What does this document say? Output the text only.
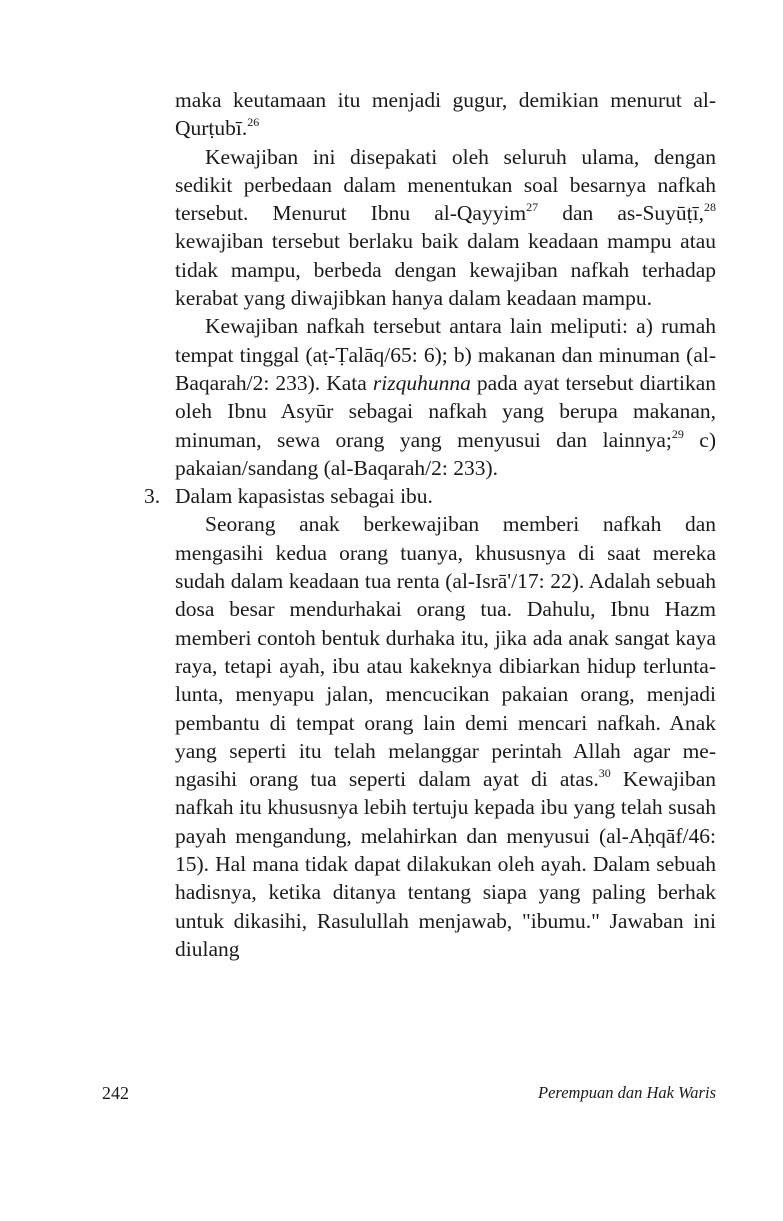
maka keutamaan itu menjadi gugur, demikian menurut al-Qurṭubī.$^{26}$

Kewajiban ini disepakati oleh seluruh ulama, dengan sedikit perbedaan dalam menentukan soal besarnya nafkah tersebut. Menurut Ibnu al-Qayyim$^{27}$ dan as-Suyūṭī,$^{28}$ kewajiban tersebut berlaku baik dalam keadaan mampu atau tidak mampu, berbeda dengan kewajiban nafkah terhadap kerabat yang diwajibkan hanya dalam keadaan mampu.

Kewajiban nafkah tersebut antara lain meliputi: a) rumah tempat tinggal (aṭ-Ṭalāq/65: 6); b) makanan dan minuman (al-Baqarah/2: 233). Kata rizquhunna pada ayat tersebut diartikan oleh Ibnu Asyūr sebagai nafkah yang berupa makanan, minuman, sewa orang yang menyusui dan lainnya;$^{29}$ c) pakaian/sandang (al-Baqarah/2: 233).

3. Dalam kapasistas sebagai ibu.

Seorang anak berkewajiban memberi nafkah dan mengasihi kedua orang tuanya, khususnya di saat mereka sudah dalam keadaan tua renta (al-Isrā'/17: 22). Adalah sebuah dosa besar mendurhakai orang tua. Dahulu, Ibnu Hazm memberi contoh bentuk durhaka itu, jika ada anak sangat kaya raya, tetapi ayah, ibu atau kakeknya dibiarkan hidup terlunta-lunta, menyapu jalan, mencucikan pakaian orang, menjadi pembantu di tempat orang lain demi mencari nafkah. Anak yang seperti itu telah melanggar perintah Allah agar me-ngasihi orang tua seperti dalam ayat di atas.$^{30}$ Kewajiban nafkah itu khususnya lebih tertuju kepada ibu yang telah susah payah mengandung, melahirkan dan menyusui (al-Aḥqāf/46: 15). Hal mana tidak dapat dilakukan oleh ayah. Dalam sebuah hadisnya, ketika ditanya tentang siapa yang paling berhak untuk dikasihi, Rasulullah menjawab, "ibumu." Jawaban ini diulang

242	Perempuan dan Hak Waris
